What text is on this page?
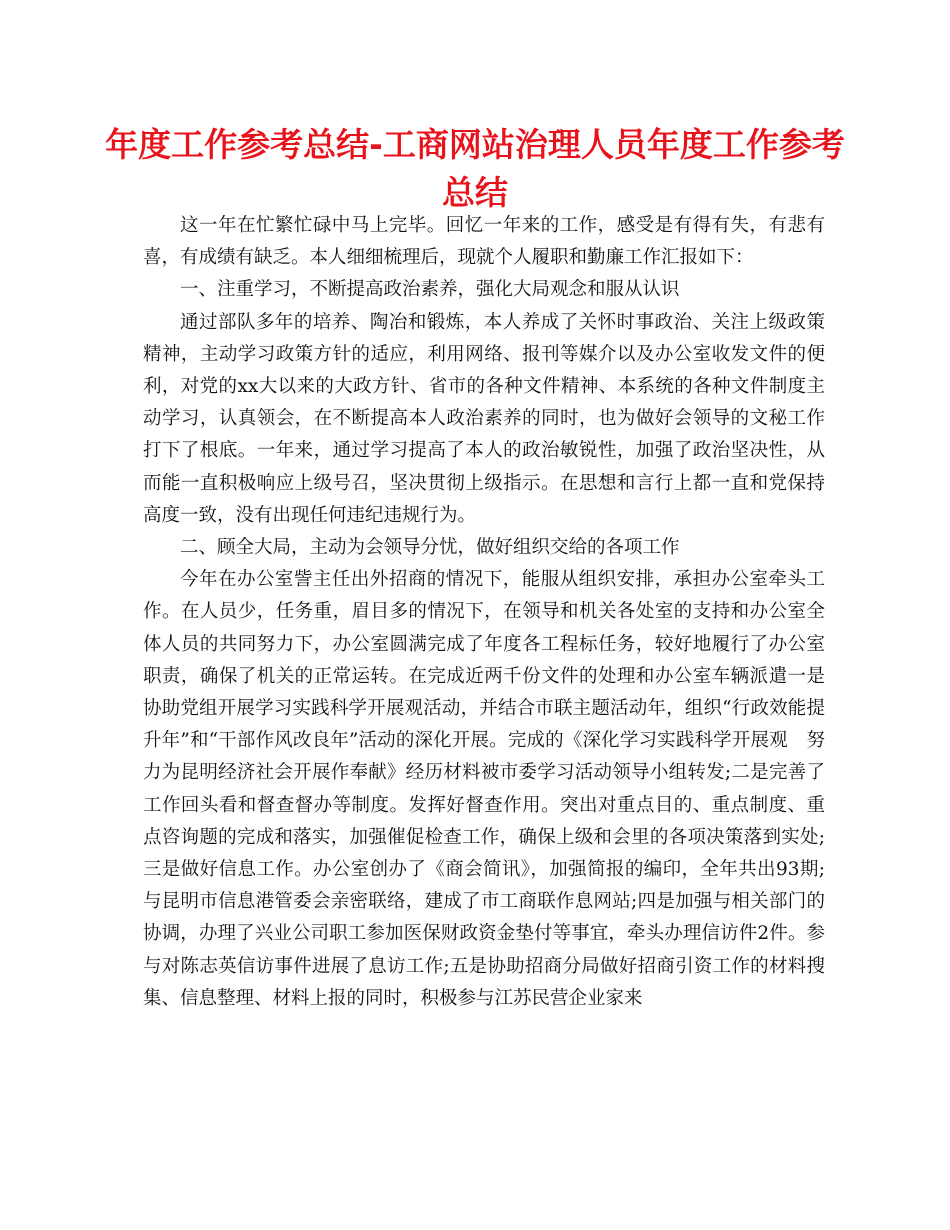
年度工作参考总结-工商网站治理人员年度工作参考总结

这一年在忙繁忙碌中马上完毕。回忆一年来的工作，感受是有得有失，有悲有喜，有成绩有缺乏。本人细细梳理后，现就个人履职和勤廉工作汇报如下：

一、注重学习，不断提高政治素养，强化大局观念和服从认识

通过部队多年的培养、陶冶和锻炼，本人养成了关怀时事政治、关注上级政策精神，主动学习政策方针的适应，利用网络、报刊等媒介以及办公室收发文件的便利，对党的xx大以来的大政方针、省市的各种文件精神、本系统的各种文件制度主动学习，认真领会，在不断提高本人政治素养的同时，也为做好会领导的文秘工作打下了根底。一年来，通过学习提高了本人的政治敏锐性，加强了政治坚决性，从而能一直积极响应上级号召，坚决贯彻上级指示。在思想和言行上都一直和党保持高度一致，没有出现任何违纪违规行为。

二、顾全大局，主动为会领导分忧，做好组织交给的各项工作

今年在办公室訾主任出外招商的情况下，能服从组织安排，承担办公室牵头工作。在人员少，任务重，眉目多的情况下，在领导和机关各处室的支持和办公室全体人员的共同努力下，办公室圆满完成了年度各工程标任务，较好地履行了办公室职责，确保了机关的正常运转。在完成近两千份文件的处理和办公室车辆派遣一是协助党组开展学习实践科学开展观活动，并结合市联主题活动年，组织“行政效能提升年”和“干部作风改良年”活动的深化开展。完成的《深化学习实践科学开展观　努力为昆明经济社会开展作奉献》经历材料被市委学习活动领导小组转发;二是完善了工作回头看和督查督办等制度。发挥好督查作用。突出对重点目的、重点制度、重点咨询题的完成和落实，加强催促检查工作，确保上级和会里的各项决策落到实处;三是做好信息工作。办公室创办了《商会简讯》，加强简报的编印，全年共出93期;与昆明市信息港管委会亲密联络，建成了市工商联作息网站;四是加强与相关部门的协调，办理了兴业公司职工参加医保财政资金垫付等事宜，牵头办理信访件2件。参与对陈志英信访事件进展了息访工作;五是协助招商分局做好招商引资工作的材料搜集、信息整理、材料上报的同时，积极参与江苏民营企业家来
